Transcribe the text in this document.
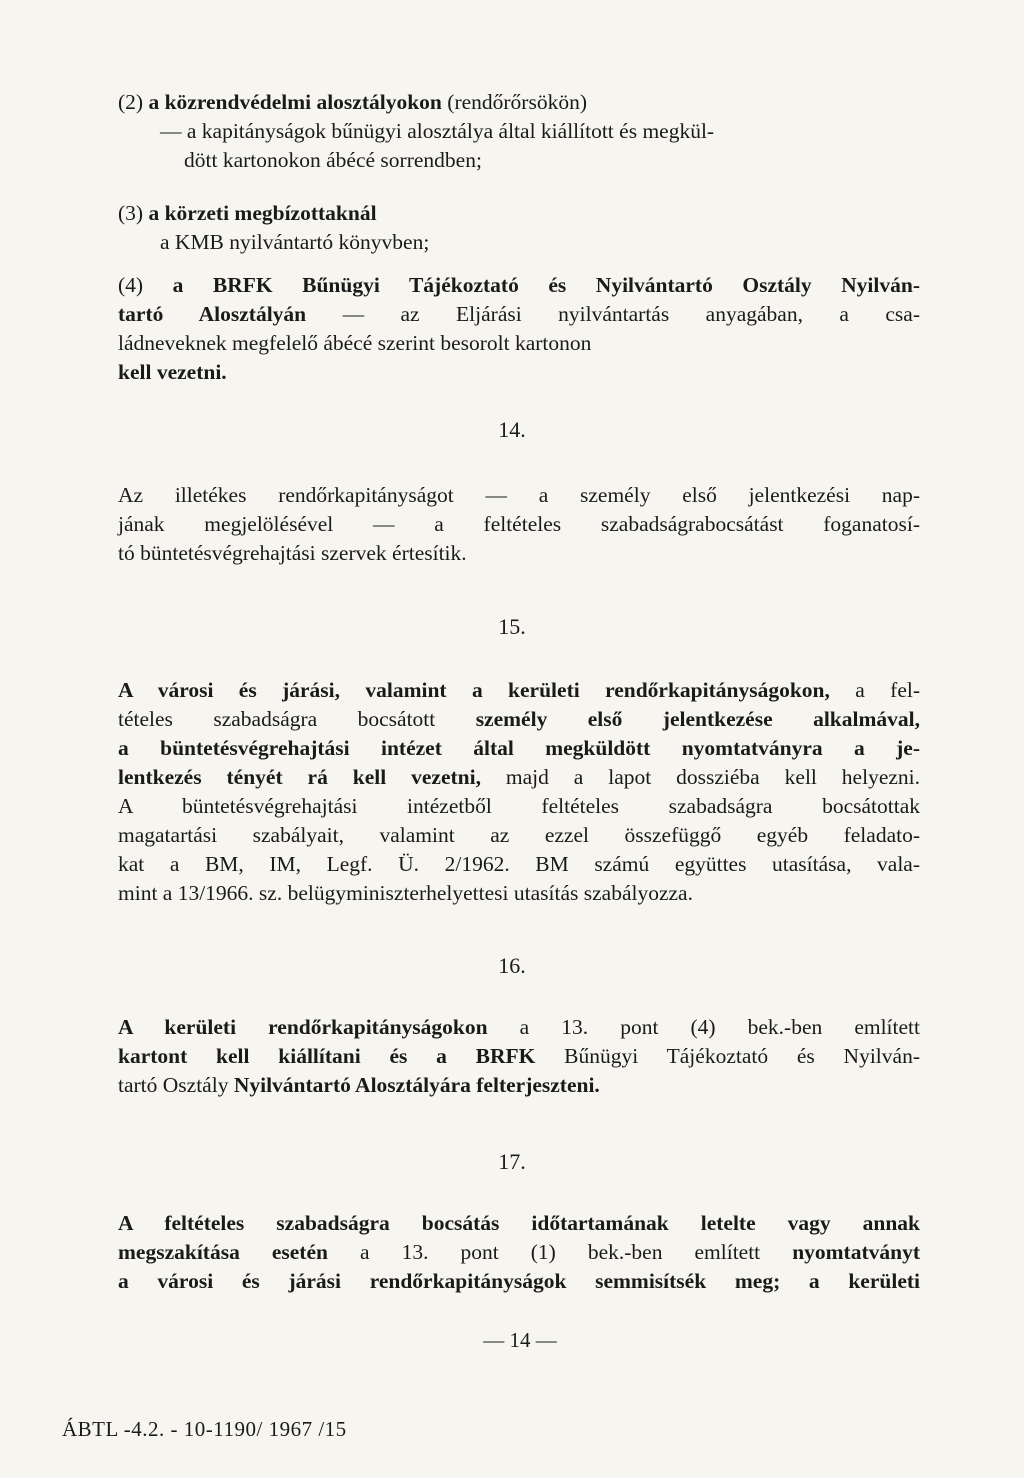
(2) a közrendvédelmi alosztályokon (rendőrőrsökön)
— a kapitányságok bűnügyi alosztálya által kiállított és megkül-
dött kartonokon ábécé sorrendben;
(3) a körzeti megbízottaknál
a KMB nyilvántartó könyvben;
(4) a BRFK Bűnügyi Tájékoztató és Nyilvántartó Osztály Nyilván-
tartó Alosztályán — az Eljárási nyilvántartás anyagában, a csa-
ládneveknek megfelelő ábécé szerint besorolt kartonon
kell vezetni.
14.
Az illetékes rendőrkapitányságot — a személy első jelentkezési nap-
jának megjelölésével — a feltételes szabadságrabocsátást foganatosí-
tó büntetésvégrehajtási szervek értesítik.
15.
A városi és járási, valamint a kerületi rendőrkapitányságokon, a fel-
tételes szabadságra bocsátott személy első jelentkezése alkalmával,
a büntetésvégrehajtási intézet által megküldött nyomtatványra a je-
lentkezés tényét rá kell vezetni, majd a lapot dossziéba kell helyezni.
A büntetésvégrehajtási intézetből feltételes szabadságra bocsátottak
magatartási szabályait, valamint az ezzel összefüggő egyéb feladato-
kat a BM, IM, Legf. Ü. 2/1962. BM számú együttes utasítása, vala-
mint a 13/1966. sz. belügyminiszterhelyettesi utasítás szabályozza.
16.
A kerületi rendőrkapitányságokon a 13. pont (4) bek.-ben említett
kartont kell kiállítani és a BRFK Bűnügyi Tájékoztató és Nyilván-
tartó Osztály Nyilvántartó Alosztályára felterjeszteni.
17.
A feltételes szabadságra bocsátás időtartamának letelte vagy annak
megszakítása esetén a 13. pont (1) bek.-ben említett nyomtatványt
a városi és járási rendőrkapitányságok semmisítsék meg; a kerületi
— 14 —
ÁBTL -4.2. - 10-1190/ 1967 /15
